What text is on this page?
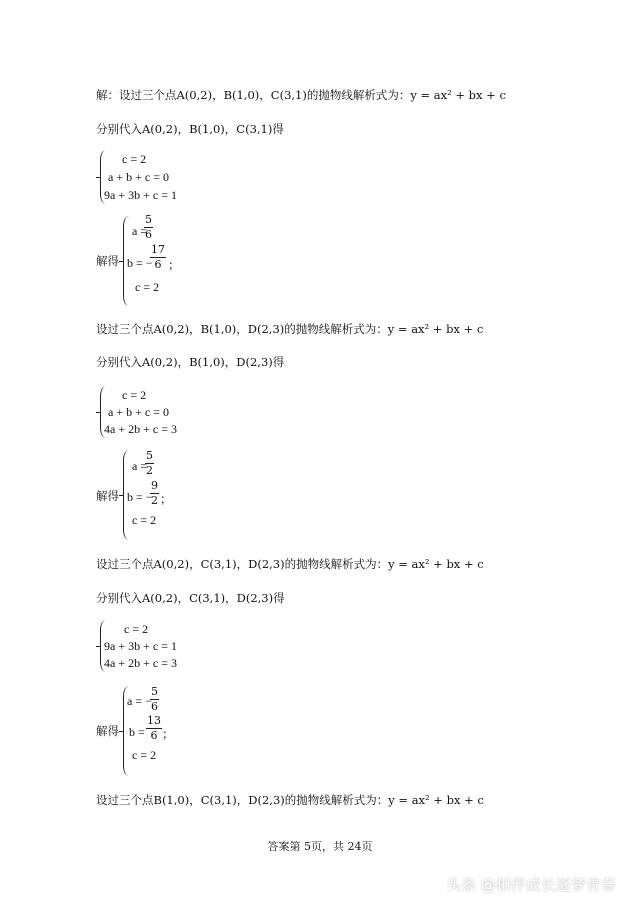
解：设过三个点A(0,2)，B(1,0)，C(3,1)的抛物线解析式为：y = ax² + bx + c
分别代入A(0,2)，B(1,0)，C(3,1)得
c = 2
a + b + c = 0
9a + 3b + c = 1
解得
a =
$\frac{5}{6}$
b = −
$\frac{17}{6}$ ；
c = 2
设过三个点A(0,2)，B(1,0)，D(2,3)的抛物线解析式为：y = ax² + bx + c
分别代入A(0,2)，B(1,0)，D(2,3)得
c = 2
a + b + c = 0
4a + 2b + c = 3
解得
a =
$\frac{5}{2}$
b = −
$\frac{9}{2}$ ；
c = 2
设过三个点A(0,2)，C(3,1)，D(2,3)的抛物线解析式为：y = ax² + bx + c
分别代入A(0,2)，C(3,1)，D(2,3)得
c = 2
9a + 3b + c = 1
4a + 2b + c = 3
解得
a = −
$\frac{5}{6}$
$b = \frac{13}{6}$ ；
c = 2
设过三个点B(1,0)，C(3,1)，D(2,3)的抛物线解析式为：y = ax² + bx + c
答案第 5页，共 24页
头条 @相伴成长逐梦青春
